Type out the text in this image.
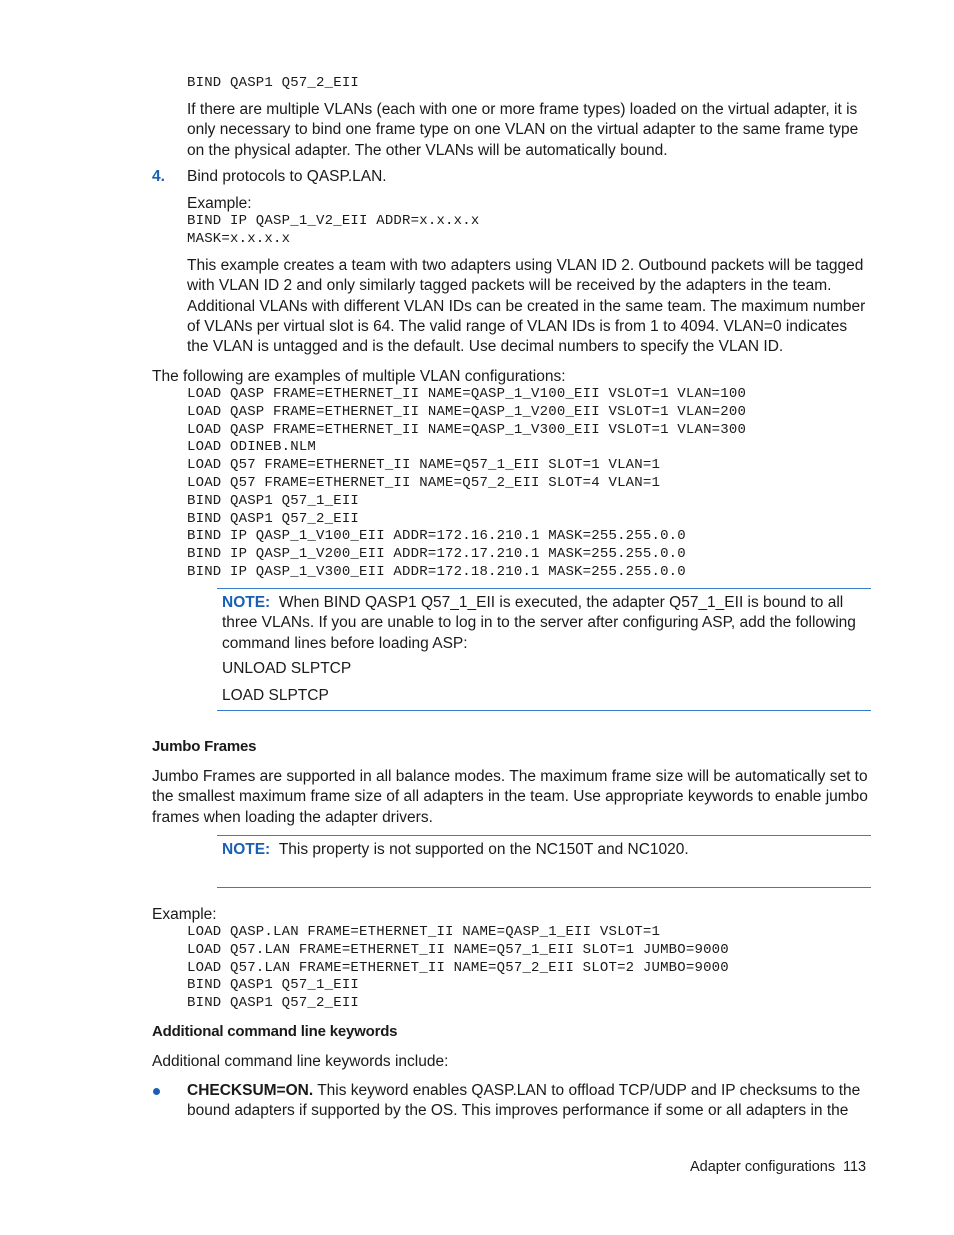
BIND QASP1 Q57_2_EII
If there are multiple VLANs (each with one or more frame types) loaded on the virtual adapter, it is
only necessary to bind one frame type on one VLAN on the virtual adapter to the same frame type
on the physical adapter. The other VLANs will be automatically bound.
4. Bind protocols to QASP.LAN.
Example:
BIND IP QASP_1_V2_EII ADDR=x.x.x.x
MASK=x.x.x.x
This example creates a team with two adapters using VLAN ID 2. Outbound packets will be tagged
with VLAN ID 2 and only similarly tagged packets will be received by the adapters in the team.
Additional VLANs with different VLAN IDs can be created in the same team. The maximum number
of VLANs per virtual slot is 64. The valid range of VLAN IDs is from 1 to 4094. VLAN=0 indicates
the VLAN is untagged and is the default. Use decimal numbers to specify the VLAN ID.
The following are examples of multiple VLAN configurations:
LOAD QASP FRAME=ETHERNET_II NAME=QASP_1_V100_EII VSLOT=1 VLAN=100
LOAD QASP FRAME=ETHERNET_II NAME=QASP_1_V200_EII VSLOT=1 VLAN=200
LOAD QASP FRAME=ETHERNET_II NAME=QASP_1_V300_EII VSLOT=1 VLAN=300
LOAD ODINEB.NLM
LOAD Q57 FRAME=ETHERNET_II NAME=Q57_1_EII SLOT=1 VLAN=1
LOAD Q57 FRAME=ETHERNET_II NAME=Q57_2_EII SLOT=4 VLAN=1
BIND QASP1 Q57_1_EII
BIND QASP1 Q57_2_EII
BIND IP QASP_1_V100_EII ADDR=172.16.210.1 MASK=255.255.0.0
BIND IP QASP_1_V200_EII ADDR=172.17.210.1 MASK=255.255.0.0
BIND IP QASP_1_V300_EII ADDR=172.18.210.1 MASK=255.255.0.0
NOTE: When BIND QASP1 Q57_1_EII is executed, the adapter Q57_1_EII is bound to all
three VLANs. If you are unable to log in to the server after configuring ASP, add the following
command lines before loading ASP:
UNLOAD SLPTCP
LOAD SLPTCP
Jumbo Frames
Jumbo Frames are supported in all balance modes. The maximum frame size will be automatically set to
the smallest maximum frame size of all adapters in the team. Use appropriate keywords to enable jumbo
frames when loading the adapter drivers.
NOTE: This property is not supported on the NC150T and NC1020.
Example:
LOAD QASP.LAN FRAME=ETHERNET_II NAME=QASP_1_EII VSLOT=1
LOAD Q57.LAN FRAME=ETHERNET_II NAME=Q57_1_EII SLOT=1 JUMBO=9000
LOAD Q57.LAN FRAME=ETHERNET_II NAME=Q57_2_EII SLOT=2 JUMBO=9000
BIND QASP1 Q57_1_EII
BIND QASP1 Q57_2_EII
Additional command line keywords
Additional command line keywords include:
CHECKSUM=ON. This keyword enables QASP.LAN to offload TCP/UDP and IP checksums to the
bound adapters if supported by the OS. This improves performance if some or all adapters in the
Adapter configurations 113
